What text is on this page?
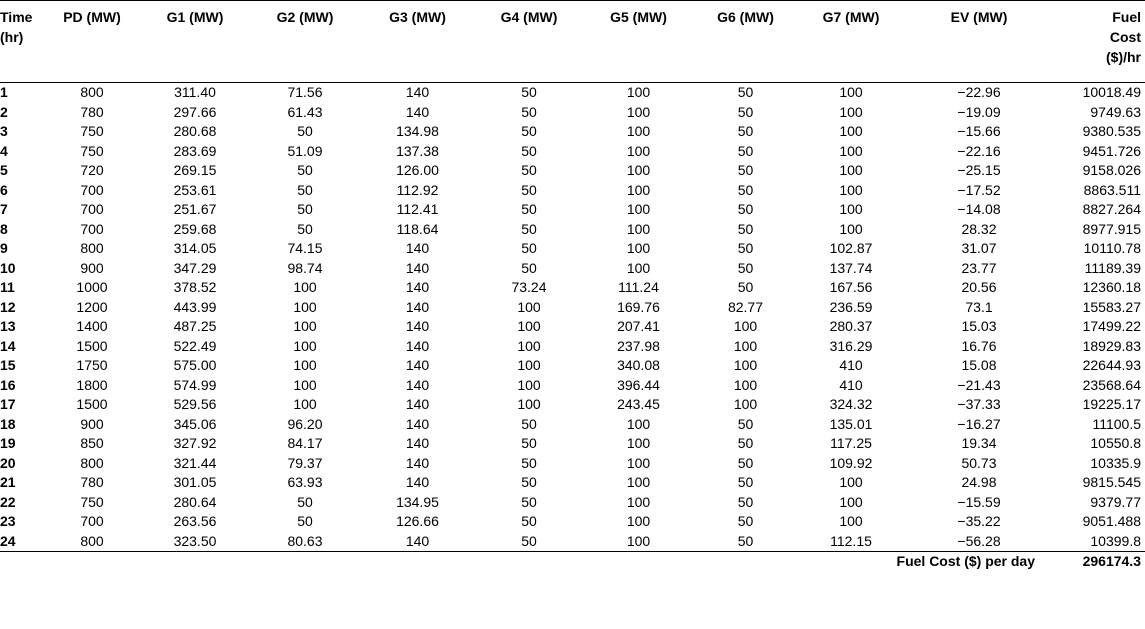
Time
(hr)	PD (MW)	G1 (MW)	G2 (MW)	G3 (MW)	G4 (MW)	G5 (MW)	G6 (MW)	G7 (MW)	EV (MW)	Fuel
Cost
($)/hr
1	800	311.40	71.56	140	50	100	50	100	−22.96	10018.49
2	780	297.66	61.43	140	50	100	50	100	−19.09	9749.63
3	750	280.68	50	134.98	50	100	50	100	−15.66	9380.535
4	750	283.69	51.09	137.38	50	100	50	100	−22.16	9451.726
5	720	269.15	50	126.00	50	100	50	100	−25.15	9158.026
6	700	253.61	50	112.92	50	100	50	100	−17.52	8863.511
7	700	251.67	50	112.41	50	100	50	100	−14.08	8827.264
8	700	259.68	50	118.64	50	100	50	100	28.32	8977.915
9	800	314.05	74.15	140	50	100	50	102.87	31.07	10110.78
10	900	347.29	98.74	140	50	100	50	137.74	23.77	11189.39
11	1000	378.52	100	140	73.24	111.24	50	167.56	20.56	12360.18
12	1200	443.99	100	140	100	169.76	82.77	236.59	73.1	15583.27
13	1400	487.25	100	140	100	207.41	100	280.37	15.03	17499.22
14	1500	522.49	100	140	100	237.98	100	316.29	16.76	18929.83
15	1750	575.00	100	140	100	340.08	100	410	15.08	22644.93
16	1800	574.99	100	140	100	396.44	100	410	−21.43	23568.64
17	1500	529.56	100	140	100	243.45	100	324.32	−37.33	19225.17
18	900	345.06	96.20	140	50	100	50	135.01	−16.27	11100.5
19	850	327.92	84.17	140	50	100	50	117.25	19.34	10550.8
20	800	321.44	79.37	140	50	100	50	109.92	50.73	10335.9
21	780	301.05	63.93	140	50	100	50	100	24.98	9815.545
22	750	280.64	50	134.95	50	100	50	100	−15.59	9379.77
23	700	263.56	50	126.66	50	100	50	100	−35.22	9051.488
24	800	323.50	80.63	140	50	100	50	112.15	−56.28	10399.8
Fuel Cost ($) per day										296174.3
